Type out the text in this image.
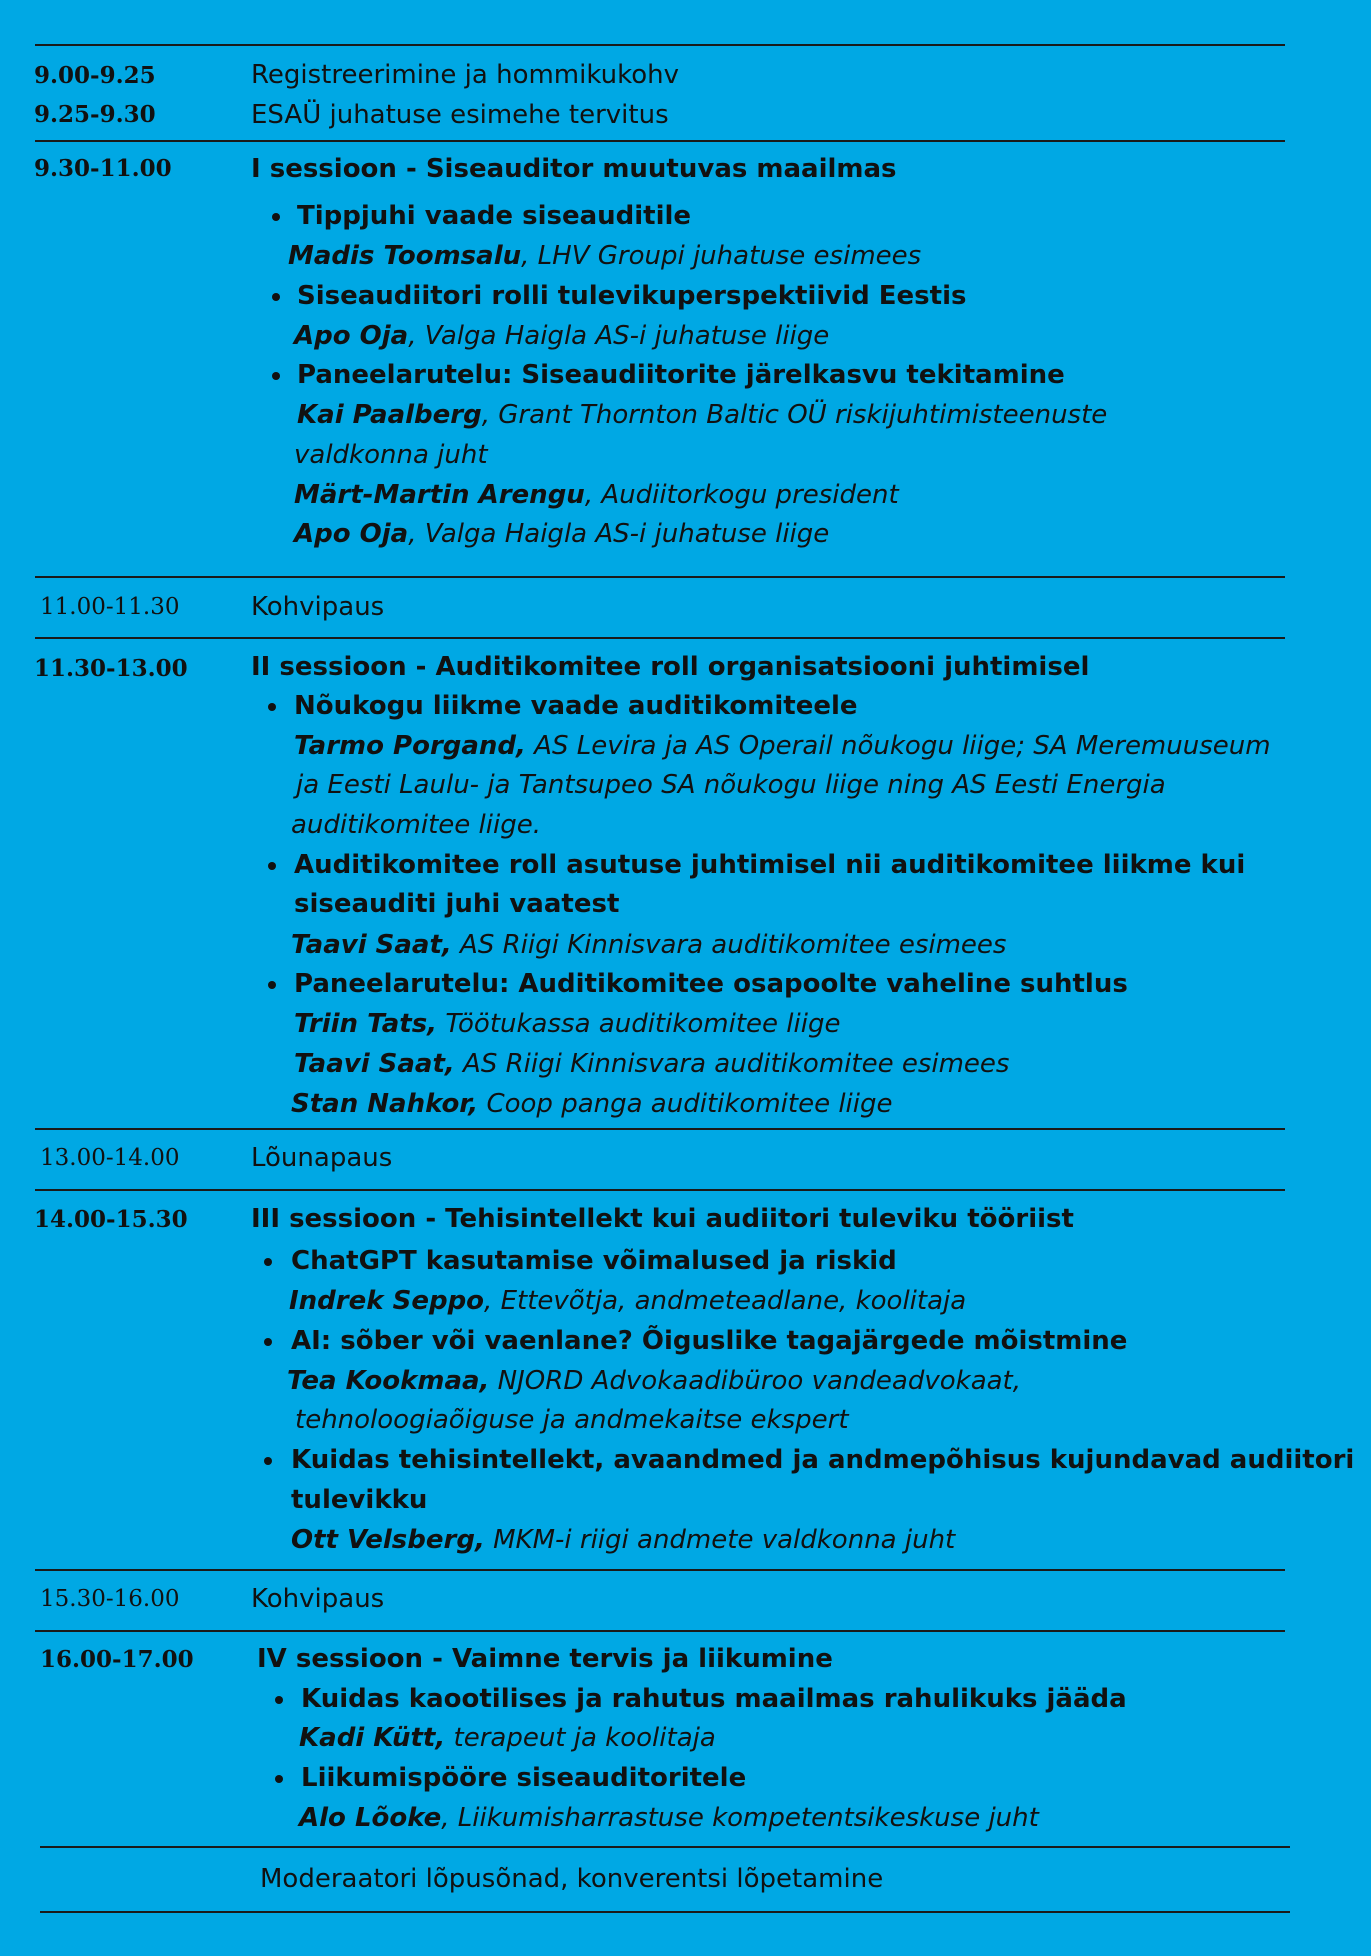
9.00-9.25	Registreerimine ja hommikukohv
9.25-9.30	ESAÜ juhatuse esimehe tervitus
9.30-11.00	I sessioon - Siseauditor muutuvas maailmas
Tippjuhi vaade siseauditile
Madis Toomsalu, LHV Groupi juhatuse esimees
Siseaudiitori rolli tulevikuperspektiivid Eestis
Apo Oja, Valga Haigla AS-i juhatuse liige
Paneelarutelu: Siseaudiitorite järelkasvu tekitamine
Kai Paalberg, Grant Thornton Baltic OÜ riskijuhtimisteenuste
valdkonna juht
Märt-Martin Arengu, Audiitorkogu president
Apo Oja, Valga Haigla AS-i juhatuse liige
11.00-11.30	Kohvipaus
11.30-13.00 II sessioon - Auditikomitee roll organisatsiooni juhtimisel
Nõukogu liikme vaade auditikomiteele
Tarmo Porgand, AS Levira ja AS Operail nõukogu liige; SA Meremuuseum
ja Eesti Laulu- ja Tantsupeo SA nõukogu liige ning AS Eesti Energia
auditikomitee liige.
Auditikomitee roll asutuse juhtimisel nii auditikomitee liikme kui
siseauditi juhi vaatest
Taavi Saat, AS Riigi Kinnisvara auditikomitee esimees
Paneelarutelu: Auditikomitee osapoolte vaheline suhtlus
Triin Tats, Töötukassa auditikomitee liige
Taavi Saat, AS Riigi Kinnisvara auditikomitee esimees
Stan Nahkor, Coop panga auditikomitee liige
13.00-14.00	Lõunapaus
14.00-15.30 III sessioon - Tehisintellekt kui audiitori tuleviku tööriist
ChatGPT kasutamise võimalused ja riskid
Indrek Seppo, Ettevõtja, andmeteadlane, koolitaja
AI: sõber või vaenlane? Õiguslike tagajärgede mõistmine
Tea Kookmaa, NJORD Advokaadibüroo vandeadvokaat,
tehnoloogiaõiguse ja andmekaitse ekspert
Kuidas tehisintellekt, avaandmed ja andmepõhisus kujundavad audiitori
tulevikku
Ott Velsberg, MKM-i riigi andmete valdkonna juht
15.30-16.00	Kohvipaus
16.00-17.00 IV sessioon - Vaimne tervis ja liikumine
Kuidas kaootilises ja rahutus maailmas rahulikuks jääda
Kadi Kütt, terapeut ja koolitaja
Liikumispööre siseauditoritele
Alo Lõoke, Liikumisharrastuse kompetentsikeskuse juht
Moderaatori lõpusõnad, konverentsi lõpetamine
